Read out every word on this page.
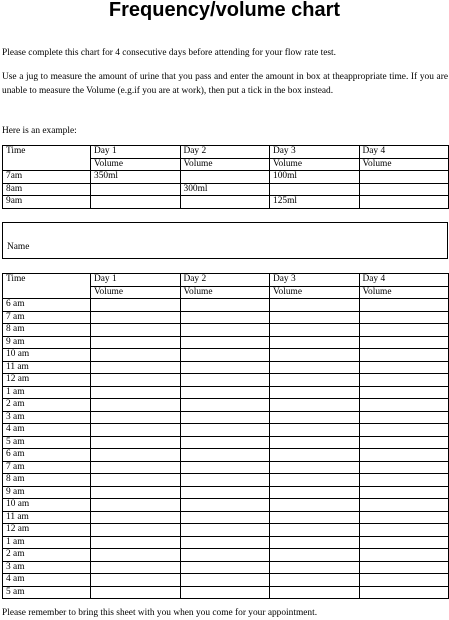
Frequency/volume chart

Please complete this chart for 4 consecutive days before attending for your flow rate test.

Use a jug to measure the amount of urine that you pass and enter the amount in box at theappropriate time. If you are unable to measure the Volume (e.g.if you are at work), then put a tick in the box instead.

Here is an example:

Time	Day 1	Day 2	Day 3	Day 4
	Volume	Volume	Volume	Volume
7am	350ml		100ml	
8am		300ml		
9am			125ml	
Name
Time	Day 1	Day 2	Day 3	Day 4
	Volume	Volume	Volume	Volume
6 am				
7 am				
8 am				
9 am				
10 am				
11 am				
12 am				
1 am				
2 am				
3 am				
4 am				
5 am				
6 am				
7 am				
8 am				
9 am				
10 am				
11 am				
12 am				
1 am				
2 am				
3 am				
4 am				
5 am				
Please remember to bring this sheet with you when you come for your appointment.
